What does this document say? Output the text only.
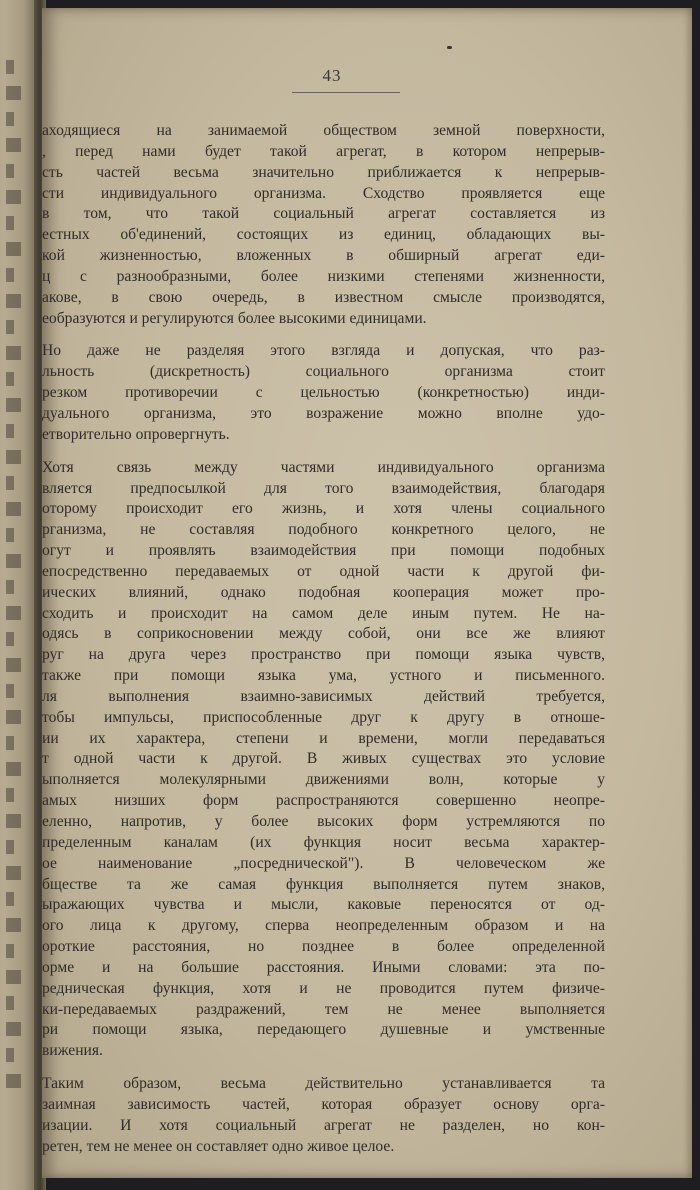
43
аходящиеся на занимаемой обществом земной поверхности,
, перед нами будет такой агрегат, в котором непрерыв-
сть частей весьма значительно приближается к непрерыв-
сти индивидуального организма. Сходство проявляется еще
в том, что такой социальный агрегат составляется из
естных об'единений, состоящих из единиц, обладающих вы-
кой жизненностью, вложенных в обширный агрегат еди-
ц с разнообразными, более низкими степенями жизненности,
акове, в свою очередь, в известном смысле производятся,
еобразуются и регулируются более высокими единицами.
Но даже не разделяя этого взгляда и допуская, что раз-
льность (дискретность) социального организма стоит
резком противоречии с цельностью (конкретностью) инди-
дуального организма, это возражение можно вполне удо-
етворительно опровергнуть.
Хотя связь между частями индивидуального организма
вляется предпосылкой для того взаимодействия, благодаря
оторому происходит его жизнь, и хотя члены социального
рганизма, не составляя подобного конкретного целого, не
огут и проявлять взаимодействия при помощи подобных
епосредственно передаваемых от одной части к другой фи-
ических влияний, однако подобная кооперация может про-
сходить и происходит на самом деле иным путем. Не на-
одясь в соприкосновении между собой, они все же влияют
руг на друга через пространство при помощи языка чувств,
также при помощи языка ума, устного и письменного.
ля выполнения взаимно-зависимых действий требуется,
тобы импульсы, приспособленные друг к другу в отноше-
ии их характера, степени и времени, могли передаваться
т одной части к другой. В живых существах это условие
ыполняется молекулярными движениями волн, которые у
амых низших форм распространяются совершенно неопре-
еленно, напротив, у более высоких форм устремляются по
пределенным каналам (их функция носит весьма характер-
ое наименование „посреднической"). В человеческом же
бществе та же самая функция выполняется путем знаков,
ыражающих чувства и мысли, каковые переносятся от од-
ого лица к другому, сперва неопределенным образом и на
ороткие расстояния, но позднее в более определенной
орме и на большие расстояния. Иными словами: эта по-
редническая функция, хотя и не проводится путем физиче-
ки-передаваемых раздражений, тем не менее выполняется
ри помощи языка, передающего душевные и умственные
вижения.
Таким образом, весьма действительно устанавливается та
заимная зависимость частей, которая образует основу орга-
изации. И хотя социальный агрегат не разделен, но кон-
ретен, тем не менее он составляет одно живое целое.
